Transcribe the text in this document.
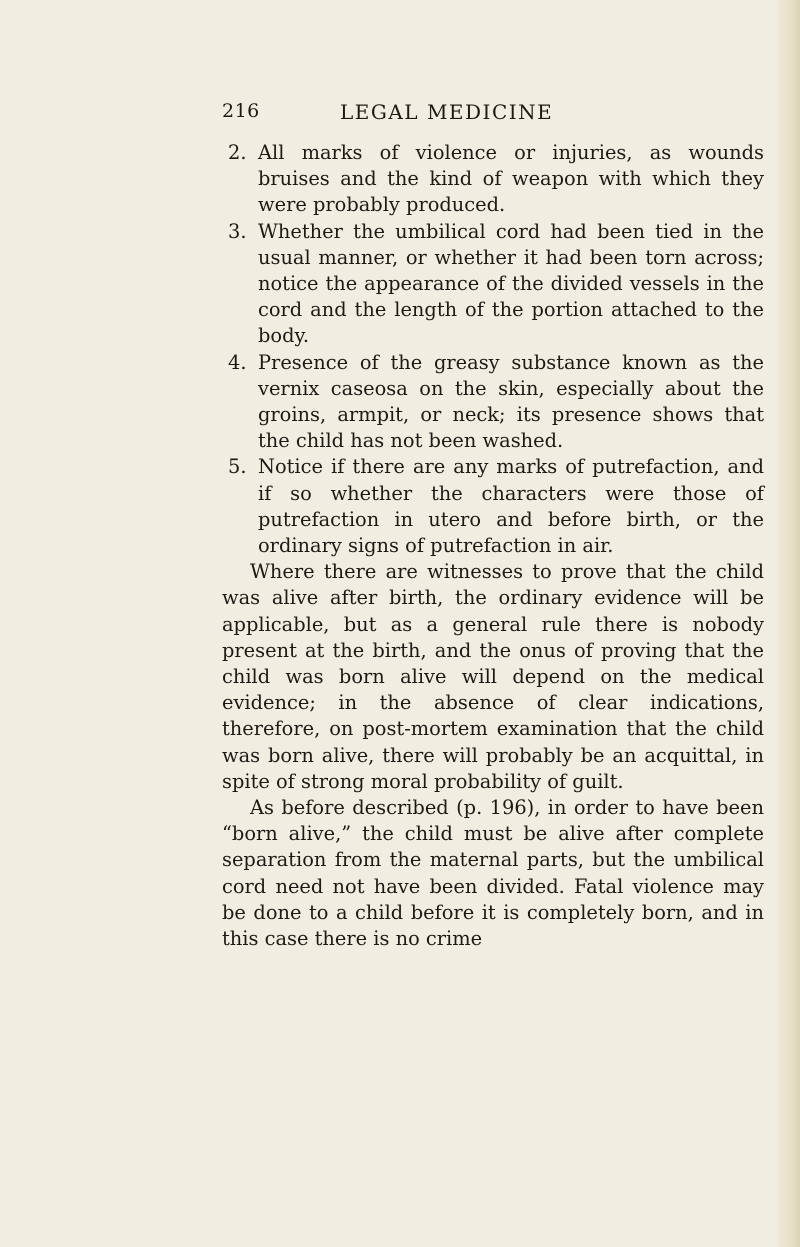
216	LEGAL MEDICINE

2. All marks of violence or injuries, as wounds bruises and the kind of weapon with which they were probably produced.

3. Whether the umbilical cord had been tied in the usual manner, or whether it had been torn across; notice the appearance of the divided vessels in the cord and the length of the portion attached to the body.

4. Presence of the greasy substance known as the vernix caseosa on the skin, especially about the groins, armpit, or neck; its presence shows that the child has not been washed.

5. Notice if there are any marks of putrefaction, and if so whether the characters were those of putrefaction in utero and before birth, or the ordinary signs of putrefaction in air.

Where there are witnesses to prove that the child was alive after birth, the ordinary evidence will be applicable, but as a general rule there is nobody present at the birth, and the onus of proving that the child was born alive will depend on the medical evidence; in the absence of clear indications, therefore, on post-mortem examination that the child was born alive, there will probably be an acquittal, in spite of strong moral probability of guilt.

As before described (p. 196), in order to have been “born alive,” the child must be alive after complete separation from the maternal parts, but the umbilical cord need not have been divided. Fatal violence may be done to a child before it is completely born, and in this case there is no crime
